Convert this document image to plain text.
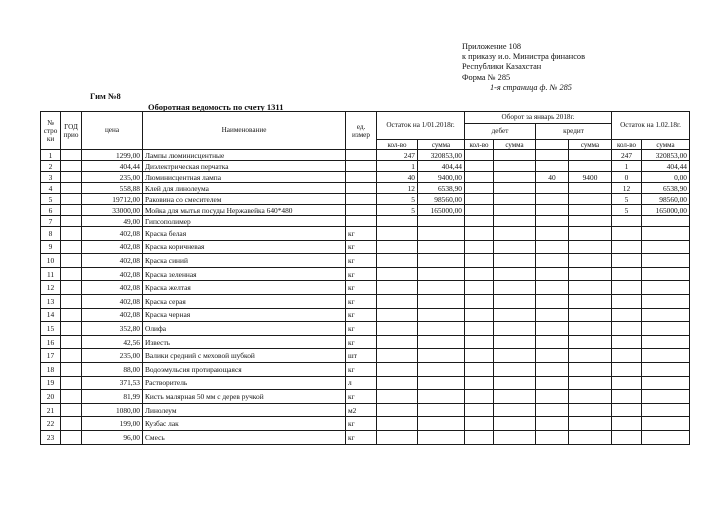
Приложение 108
к приказу и.о. Министра финансов
Республики Казахстан
Форма № 285
1-я страница ф. № 285
Гим №8
Оборотная ведомость по счету 1311
№ стро ки	ГОД прио	цена	Наименование	ед. измер	Остаток на 1/01.2018г.		Оборот за январь 2018г.				Остаток на 1.02.18г.	
							дебет		кредит			
					кол-во	сумма	кол-во	сумма		сумма	кол-во	сумма
1		1299,00	Лампы люминисцентные		247	320853,00					247	320853,00
2		404,44	Диэлектрическая перчатка		1	404,44					1	404,44
3		235,00	Люминисцентная лампа		40	9400,00			40	9400	0	0,00
4		558,88	Клей для линолеума		12	6538,90					12	6538,90
5		19712,00	Раковина со смесителем		5	98560,00					5	98560,00
6		33000,00	Мойка для мытья посуды Нержавейка 640*480		5	165000,00					5	165000,00
7		49,00	Гипсополимер									
8		402,08	Краска белая	кг								
9		402,08	Краска коричневая	кг								
10		402,08	Краска синий	кг								
11		402,08	Краска зеленная	кг								
12		402,08	Краска желтая	кг								
13		402,08	Краска серая	кг								
14		402,08	Краска черная	кг								
15		352,80	Олифа	кг								
16		42,56	Известь	кг								
17		235,00	Валики средний с меховой шубкой	шт								
18		88,00	Водоэмульсия протирающаяся	кг								
19		371,53	Растворитель	л								
20		81,99	Кисть малярная 50 мм с дерев ручкой	кг								
21		1080,00	Линолеум	м2								
22		199,00	Кузбас лак	кг								
23		96,00	Смесь	кг								
